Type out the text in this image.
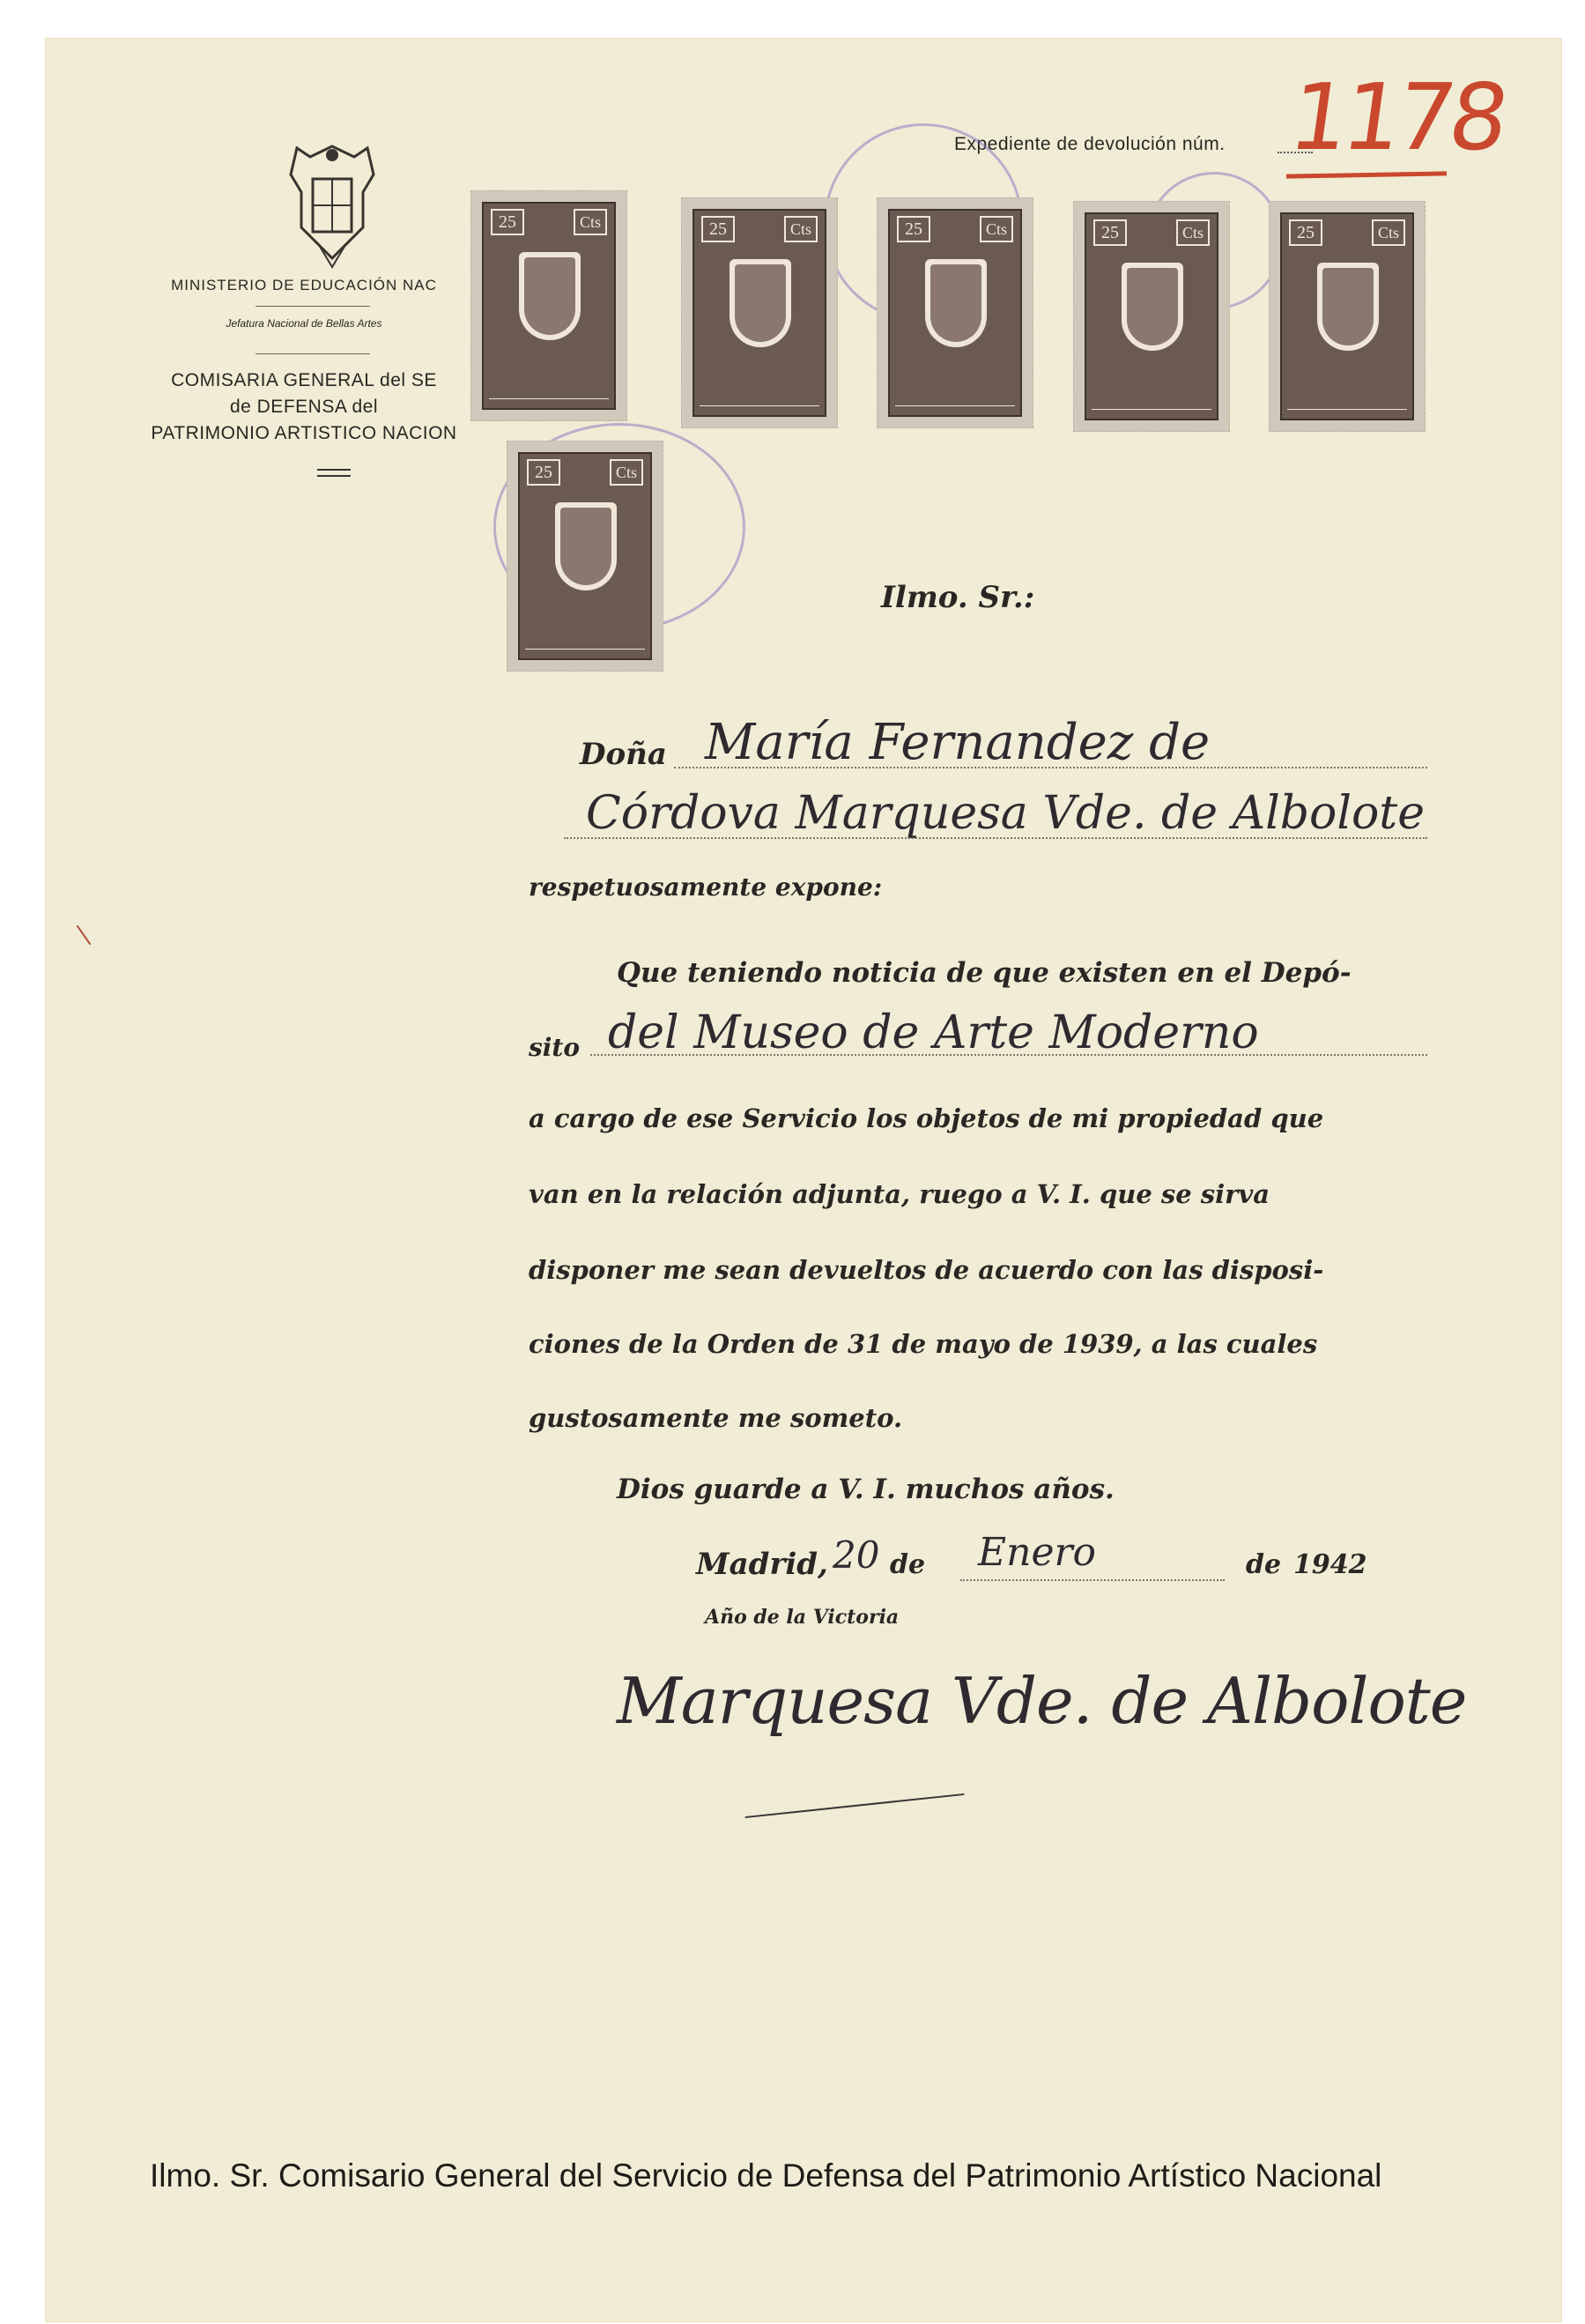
MINISTERIO DE EDUCACIÓN NAC
Jefatura Nacional de Bellas Artes
COMISARIA GENERAL del SE
de DEFENSA del
PATRIMONIO ARTISTICO NACION
Expediente de devolución núm. 1178
25	Cts	25	Cts	25	Cts	25	Cts	25	Cts
25	Cts
Ilmo. Sr.:
Doña María Fernandez de
Córdova Marquesa Vde. de Albolote
respetuosamente expone:
Que teniendo noticia de que existen en el Depó-
sito del Museo de Arte Moderno
a cargo de ese Servicio los objetos de mi propiedad que
van en la relación adjunta, ruego a V. I. que se sirva
disponer me sean devueltos de acuerdo con las disposi-
ciones de la Orden de 31 de mayo de 1939, a las cuales
gustosamente me someto.
Dios guarde a V. I. muchos años.
Madrid, 20 de Enero	de 1942
Año de la Victoria
Marquesa Vde. de Albolote
Ilmo. Sr. Comisario General del Servicio de Defensa del Patrimonio Artístico Nacional
